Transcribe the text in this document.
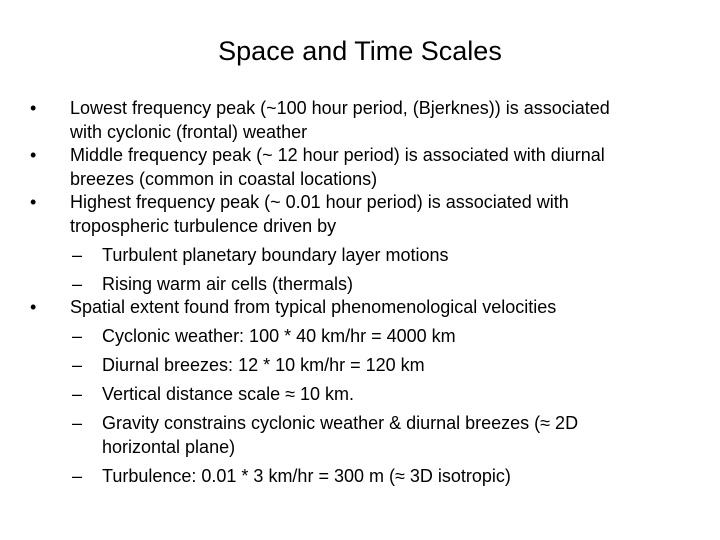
Space and Time Scales
• Lowest frequency peak (~100 hour period, (Bjerknes)) is associated
with cyclonic (frontal) weather
• Middle frequency peak (~ 12 hour period) is associated with diurnal
breezes (common in coastal locations)
• Highest frequency peak (~ 0.01 hour period) is associated with
tropospheric turbulence driven by
– Turbulent planetary boundary layer motions
– Rising warm air cells (thermals)
• Spatial extent found from typical phenomenological velocities
– Cyclonic weather: 100 * 40 km/hr = 4000 km
– Diurnal breezes: 12 * 10 km/hr = 120 km
– Vertical distance scale ≈ 10 km.
– Gravity constrains cyclonic weather & diurnal breezes (≈ 2D
horizontal plane)
– Turbulence: 0.01 * 3 km/hr = 300 m (≈ 3D isotropic)
